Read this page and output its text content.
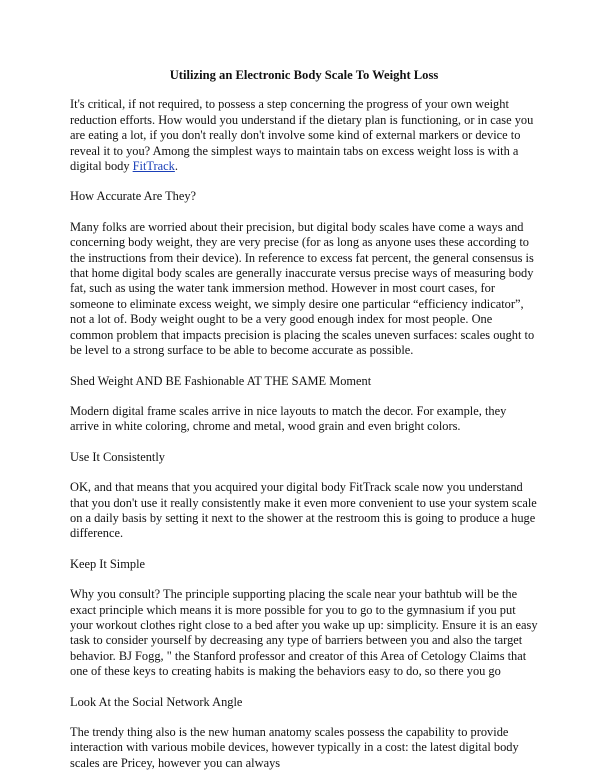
Utilizing an Electronic Body Scale To Weight Loss

It's critical, if not required, to possess a step concerning the progress of your own weight reduction efforts. How would you understand if the dietary plan is functioning, or in case you are eating a lot, if you don't really don't involve some kind of external markers or device to reveal it to you? Among the simplest ways to maintain tabs on excess weight loss is with a digital body FitTrack.

How Accurate Are They?

Many folks are worried about their precision, but digital body scales have come a ways and concerning body weight, they are very precise (for as long as anyone uses these according to the instructions from their device). In reference to excess fat percent, the general consensus is that home digital body scales are generally inaccurate versus precise ways of measuring body fat, such as using the water tank immersion method. However in most court cases, for someone to eliminate excess weight, we simply desire one particular “efficiency indicator”, not a lot of. Body weight ought to be a very good enough index for most people. One common problem that impacts precision is placing the scales uneven surfaces: scales ought to be level to a strong surface to be able to become accurate as possible.

Shed Weight AND BE Fashionable AT THE SAME Moment

Modern digital frame scales arrive in nice layouts to match the decor. For example, they arrive in white coloring, chrome and metal, wood grain and even bright colors.

Use It Consistently

OK, and that means that you acquired your digital body FitTrack scale now you understand that you don't use it really consistently make it even more convenient to use your system scale on a daily basis by setting it next to the shower at the restroom this is going to produce a huge difference.

Keep It Simple

Why you consult? The principle supporting placing the scale near your bathtub will be the exact principle which means it is more possible for you to go to the gymnasium if you put your workout clothes right close to a bed after you wake up up: simplicity. Ensure it is an easy task to consider yourself by decreasing any type of barriers between you and also the target behavior. BJ Fogg, " the Stanford professor and creator of this Area of Cetology Claims that one of these keys to creating habits is making the behaviors easy to do, so there you go

Look At the Social Network Angle

The trendy thing also is the new human anatomy scales possess the capability to provide interaction with various mobile devices, however typically in a cost: the latest digital body scales are Pricey, however you can always
